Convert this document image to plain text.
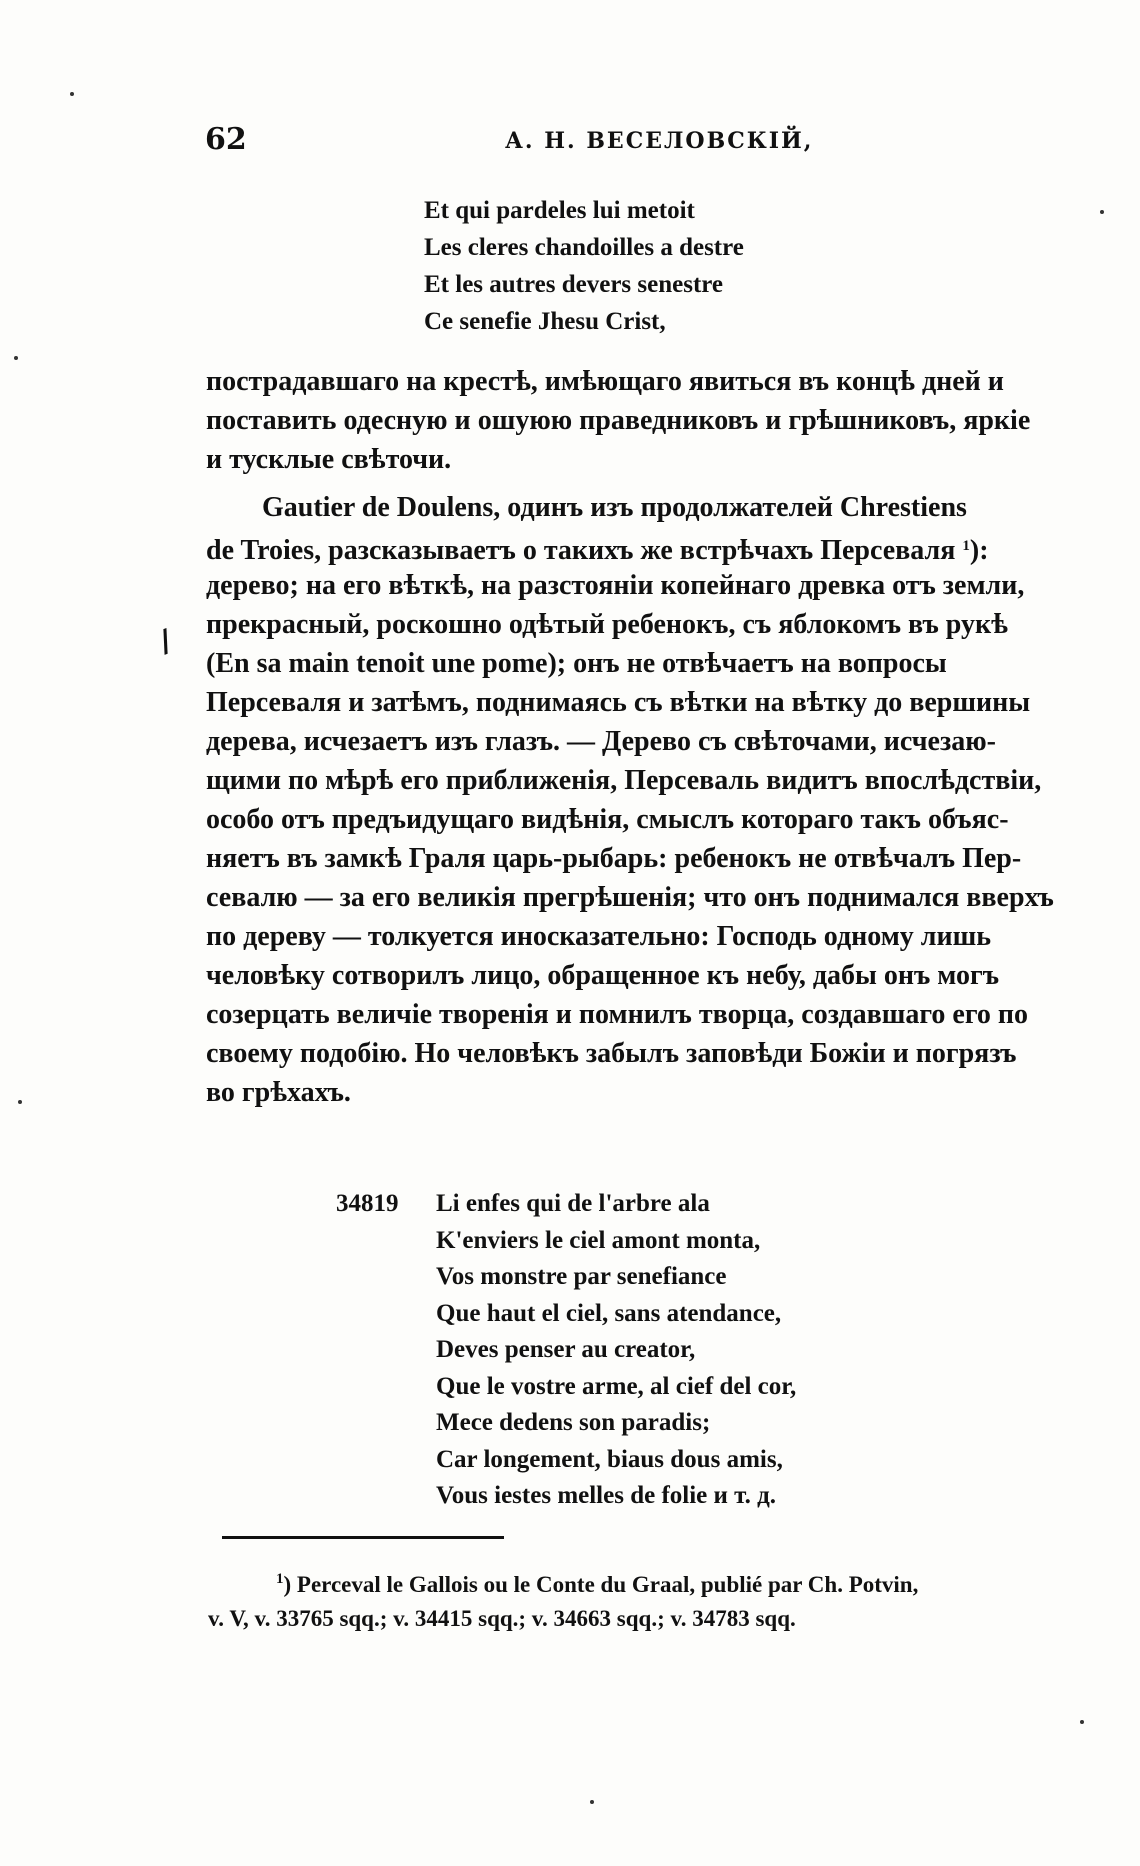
62	А. Н. ВЕСЕЛОВСКІЙ,
Et qui pardeles lui metoit
Les cleres chandoilles a destre
Et les autres devers senestre
Ce senefie Jhesu Crist,
пострадавшаго на крестѣ, имѣющаго явиться въ концѣ дней и
поставить одесную и ошуюю праведниковъ и грѣшниковъ, яркіе
и тусклые свѣточи.
Gautier de Doulens, одинъ изъ продолжателей Chrestiens
de Troies, разсказываетъ о такихъ же встрѣчахъ Персеваля $^1$):
дерево; на его вѣткѣ, на разстояніи копейнаго древка отъ земли,
прекрасный, роскошно одѣтый ребенокъ, съ яблокомъ въ рукѣ
(En sa main tenoit une pome); онъ не отвѣчаетъ на вопросы
Персеваля и затѣмъ, поднимаясь съ вѣтки на вѣтку до вершины
дерева, исчезаетъ изъ глазъ. — Дерево съ свѣточами, исчезаю-
щими по мѣрѣ его приближенія, Персеваль видитъ впослѣдствіи,
особо отъ предъидущаго видѣнія, смыслъ котораго такъ объяс-
няетъ въ замкѣ Граля царь-рыбарь: ребенокъ не отвѣчалъ Пер-
севалю — за его великія прегрѣшенія; что онъ поднимался вверхъ
по дереву — толкуется иносказательно: Господь одному лишь
человѣку сотворилъ лицо, обращенное къ небу, дабы онъ могъ
созерцать величіе творенія и помнилъ творца, создавшаго его по
своему подобію. Но человѣкъ забылъ заповѣди Божіи и погрязъ
во грѣхахъ.
/
34819 Li enfes qui de l'arbre ala
K'enviers le ciel amont monta,
Vos monstre par senefiance
Que haut el ciel, sans atendance,
Deves penser au creator,
Que le vostre arme, al cief del cor,
Mece dedens son paradis;
Car longement, biaus dous amis,
Vous iestes melles de folie и т. д.
$^1$) Perceval le Gallois ou le Conte du Graal, publié par Ch. Potvin,
v. V, v. 33765 sqq.; v. 34415 sqq.; v. 34663 sqq.; v. 34783 sqq.
